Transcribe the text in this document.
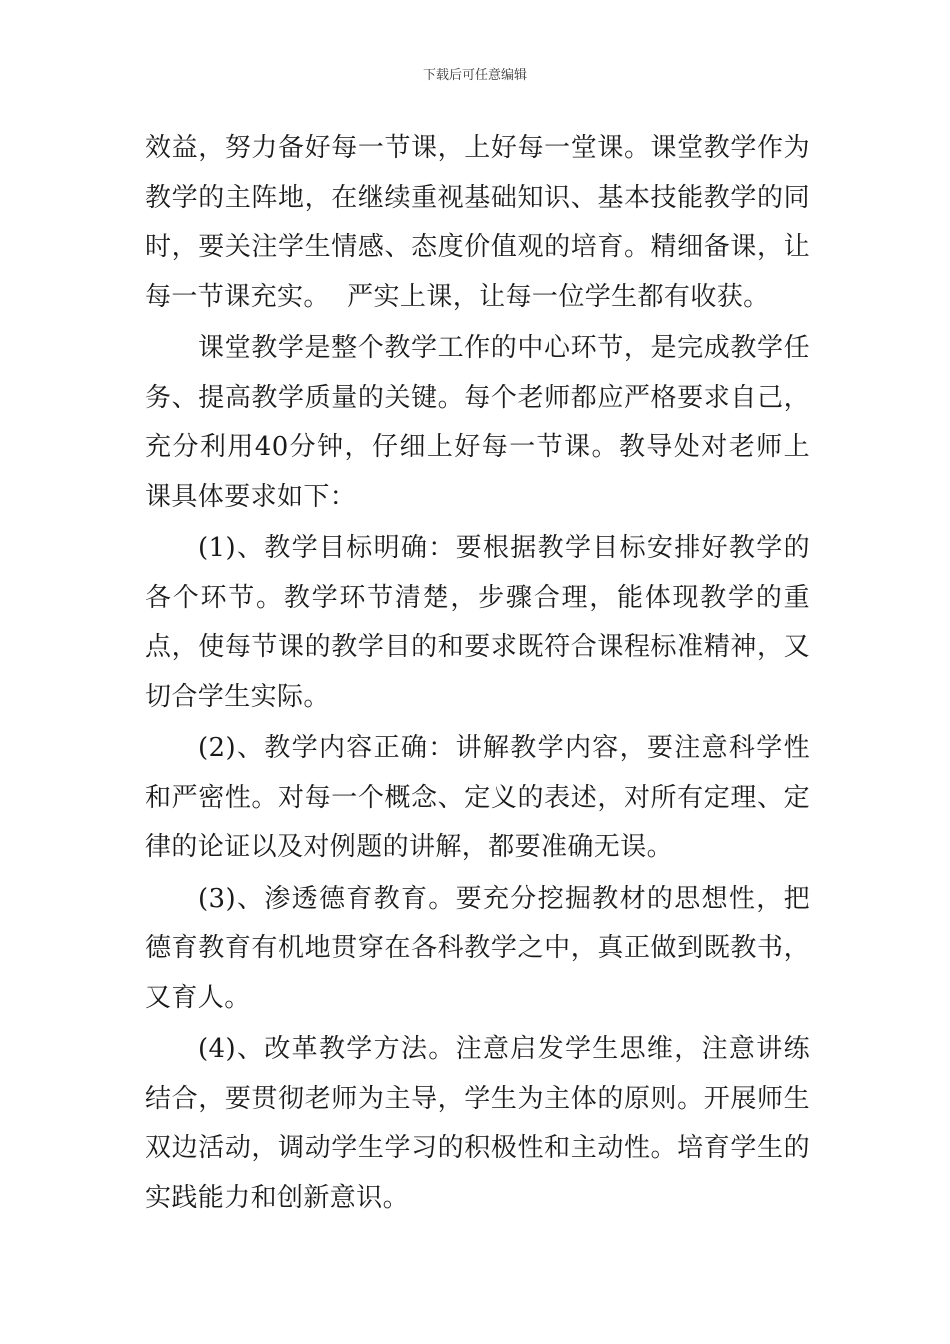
下载后可任意编辑

效益，努力备好每一节课，上好每一堂课。课堂教学作为教学的主阵地，在继续重视基础知识、基本技能教学的同时，要关注学生情感、态度价值观的培育。精细备课，让每一节课充实。  严实上课，让每一位学生都有收获。

课堂教学是整个教学工作的中心环节，是完成教学任务、提高教学质量的关键。每个老师都应严格要求自己，充分利用40分钟，仔细上好每一节课。教导处对老师上课具体要求如下：

(1)、教学目标明确：要根据教学目标安排好教学的各个环节。教学环节清楚，步骤合理，能体现教学的重点，使每节课的教学目的和要求既符合课程标准精神，又切合学生实际。

(2)、教学内容正确：讲解教学内容，要注意科学性和严密性。对每一个概念、定义的表述，对所有定理、定律的论证以及对例题的讲解，都要准确无误。

(3)、渗透德育教育。要充分挖掘教材的思想性，把德育教育有机地贯穿在各科教学之中，真正做到既教书，又育人。

(4)、改革教学方法。注意启发学生思维，注意讲练结合，要贯彻老师为主导，学生为主体的原则。开展师生双边活动，调动学生学习的积极性和主动性。培育学生的实践能力和创新意识。
